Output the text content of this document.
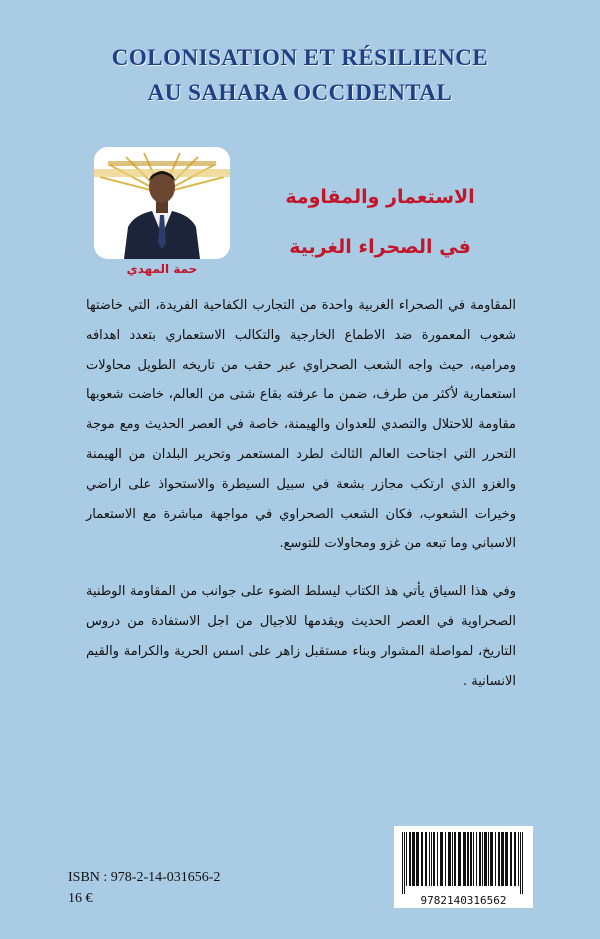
COLONISATION ET RÉSILIENCE
AU SAHARA OCCIDENTAL
حمة المهدي
الاستعمار والمقاومة
في الصحراء الغربية

المقاومة في الصحراء الغربية واحدة من التجارب الكفاحية الفريدة، التي خاضتها شعوب المعمورة ضد الاطماع الخارجية والتكالب الاستعماري بتعدد اهدافه ومراميه، حيث واجه الشعب الصحراوي عبر حقب من تاريخه الطويل محاولات استعمارية لأكثر من طرف، ضمن ما عرفته بقاع شتى من العالم، خاضت شعوبها مقاومة للاحتلال والتصدي للعدوان والهيمنة، خاصة في العصر الحديث ومع موجة التحرر التي اجتاحت العالم الثالث لطرد المستعمر وتحرير البلدان من الهيمنة والغزو الذي ارتكب مجازر بشعة في سبيل السيطرة والاستحواذ على اراضي وخيرات الشعوب، فكان الشعب الصحراوي في مواجهة مباشرة مع الاستعمار الاسباني وما تبعه من غزو ومحاولات للتوسع.

وفي هذا السياق يأتي هذ الكتاب ليسلط الضوء على جوانب من المقاومة الوطنية الصحراوية في العصر الحديث ويقدمها للاجيال من اجل الاستفادة من دروس التاريخ، لمواصلة المشوار وبناء مستقبل زاهر على اسس الحرية والكرامة والقيم الانسانية .

9782140316562
ISBN : 978-2-14-031656-2
16 €
